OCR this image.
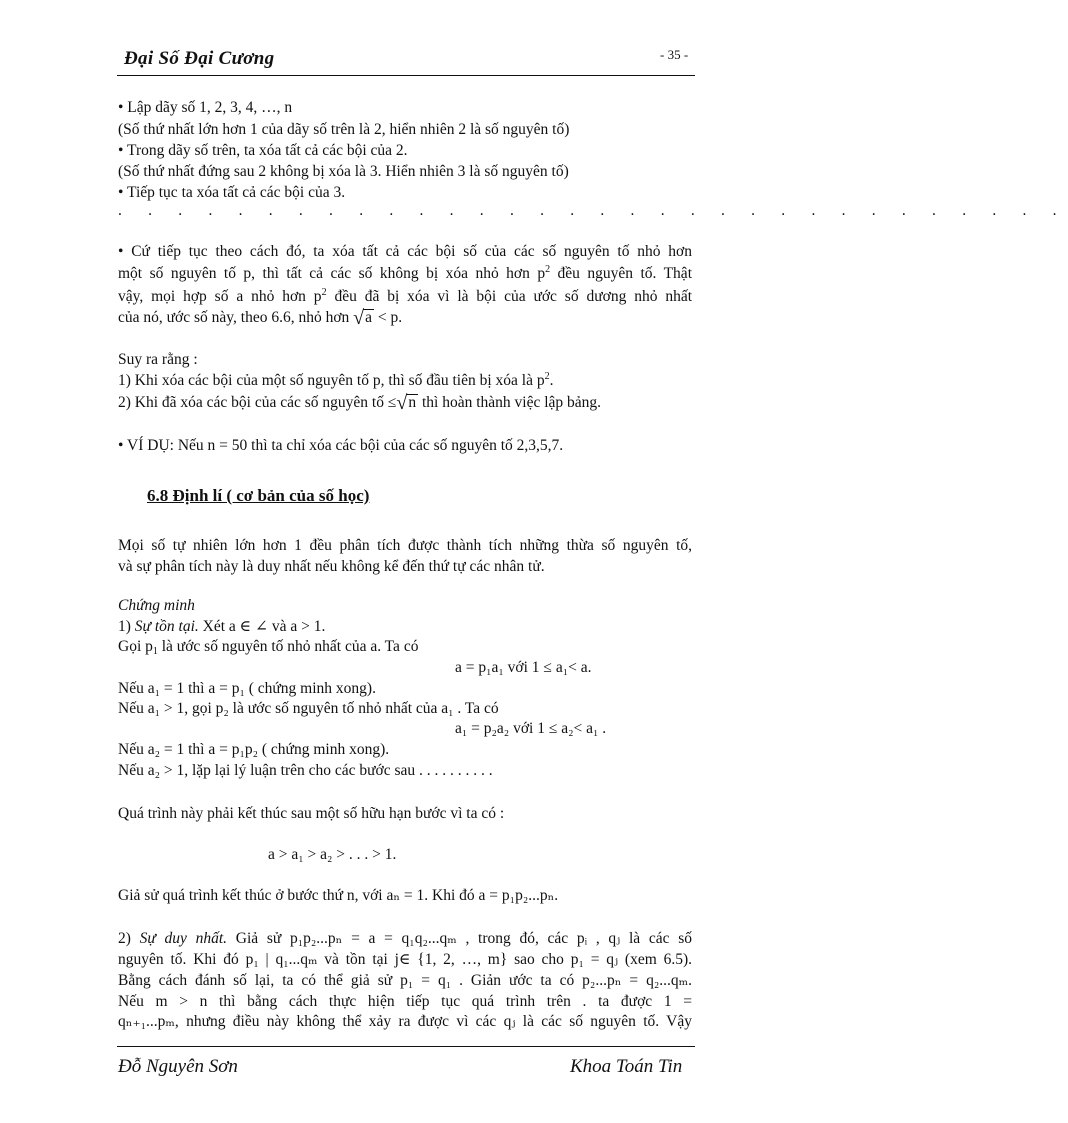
Đại Số Đại Cương	- 35 -
• Lập dãy số 1, 2, 3, 4, …, n
(Số thứ nhất lớn hơn 1 của dãy số trên là 2, hiển nhiên 2 là số nguyên tố)
• Trong dãy số trên, ta xóa tất cả các bội của 2.
(Số thứ nhất đứng sau 2 không bị xóa là 3. Hiển nhiên 3 là số nguyên tố)
• Tiếp tục ta xóa tất cả các bội của 3.
. . . . . . . . . . . . . . . . . . . . . . . . . . . . . . . .
• Cứ tiếp tục theo cách đó, ta xóa tất cả các bội số của các số nguyên tố nhỏ hơn
một số nguyên tố p, thì tất cả các số không bị xóa nhỏ hơn $p^2$ đều nguyên tố. Thật
vậy, mọi hợp số a nhỏ hơn $p^2$ đều đã bị xóa vì là bội của ước số dương nhỏ nhất
của nó, ước số này, theo 6.6, nhỏ hơn √a < p.
Suy ra rằng :
1) Khi xóa các bội của một số nguyên tố p, thì số đầu tiên bị xóa là $p^2$.
2) Khi đã xóa các bội của các số nguyên tố ≤√n thì hoàn thành việc lập bảng.
• VÍ DỤ: Nếu n = 50 thì ta chỉ xóa các bội của các số nguyên tố 2,3,5,7.
6.8 Định lí ( cơ bản của số học)
Mọi số tự nhiên lớn hơn 1 đều phân tích được thành tích những thừa số nguyên tố,
và sự phân tích này là duy nhất nếu không kể đến thứ tự các nhân tử.
Chứng minh
1) Sự tồn tại. Xét a ∈ ∠ và a > 1.
Gọi $p_1$ là ước số nguyên tố nhỏ nhất của a. Ta có
a = p₁a₁ với 1 ≤ a₁< a.
Nếu a₁ = 1 thì a = p₁ ( chứng minh xong).
Nếu a₁ > 1, gọi p₂ là ước số nguyên tố nhỏ nhất của a₁ . Ta có
a₁ = p₂a₂ với 1 ≤ a₂< a₁ .
Nếu a₂ = 1 thì a = p₁p₂ ( chứng minh xong).
Nếu a₂ > 1, lặp lại lý luận trên cho các bước sau . . . . . . . . . .
Quá trình này phải kết thúc sau một số hữu hạn bước vì ta có :
a > a₁ > a₂ > . . . > 1.
Giả sử quá trình kết thúc ở bước thứ n, với aₙ = 1. Khi đó a = p₁p₂...pₙ.
2) Sự duy nhất. Giả sử p₁p₂...pₙ = a = q₁q₂...qₘ , trong đó, các pᵢ , qⱼ là các số
nguyên tố. Khi đó p₁ | q₁...qₘ và tồn tại j∈ {1, 2, …, m} sao cho p₁ = qⱼ (xem 6.5).
Bằng cách đánh số lại, ta có thể giả sử p₁ = q₁ . Giản ước ta có p₂...pₙ = q₂...qₘ.
Nếu m > n thì bằng cách thực hiện tiếp tục quá trình trên . ta được 1 =
qₙ₊₁...pₘ, nhưng điều này không thể xảy ra được vì các qⱼ là các số nguyên tố. Vậy
Đỗ Nguyên Sơn	Khoa Toán Tin
